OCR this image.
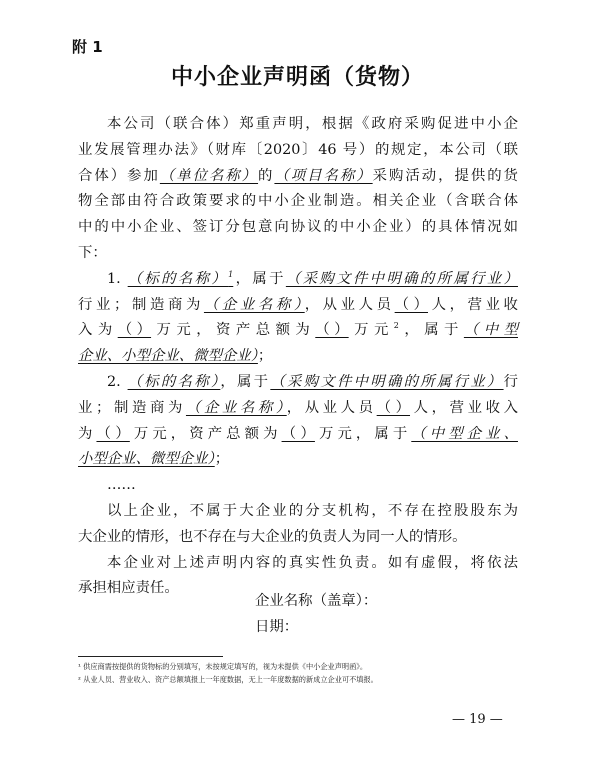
附 1
中小企业声明函（货物）

本公司（联合体）郑重声明，根据《政府采购促进中小企

业发展管理办法》（财库〔2020〕46 号）的规定，本公司（联

合体）参加（单位名称）的（项目名称）采购活动，提供的货

物全部由符合政策要求的中小企业制造。相关企业（含联合体

中的中小企业、签订分包意向协议的中小企业）的具体情况如

下：

1. （标的名称）$^1$，属于（采购文件中明确的所属行业）

行业；制造商为（企业名称），从业人员（ ）人，营业收

入为（ ）万元，资产总额为（ ）万元$^2$，属于（中型

企业、小型企业、微型企业）；

2. （标的名称），属于（采购文件中明确的所属行业）行

业；制造商为（企业名称），从业人员（ ）人，营业收入

为（ ）万元，资产总额为（ ）万元，属于（中型企业、

小型企业、微型企业）；

……

以上企业，不属于大企业的分支机构，不存在控股股东为

大企业的情形，也不存在与大企业的负责人为同一人的情形。

本企业对上述声明内容的真实性负责。如有虚假，将依法

承担相应责任。

企业名称（盖章）：
日期：
¹ 供应商需按提供的货物标的分别填写，未按规定填写的，视为未提供《中小企业声明函》。
² 从业人员、营业收入、资产总额填报上一年度数据，无上一年度数据的新成立企业可不填报。
— 19 —
